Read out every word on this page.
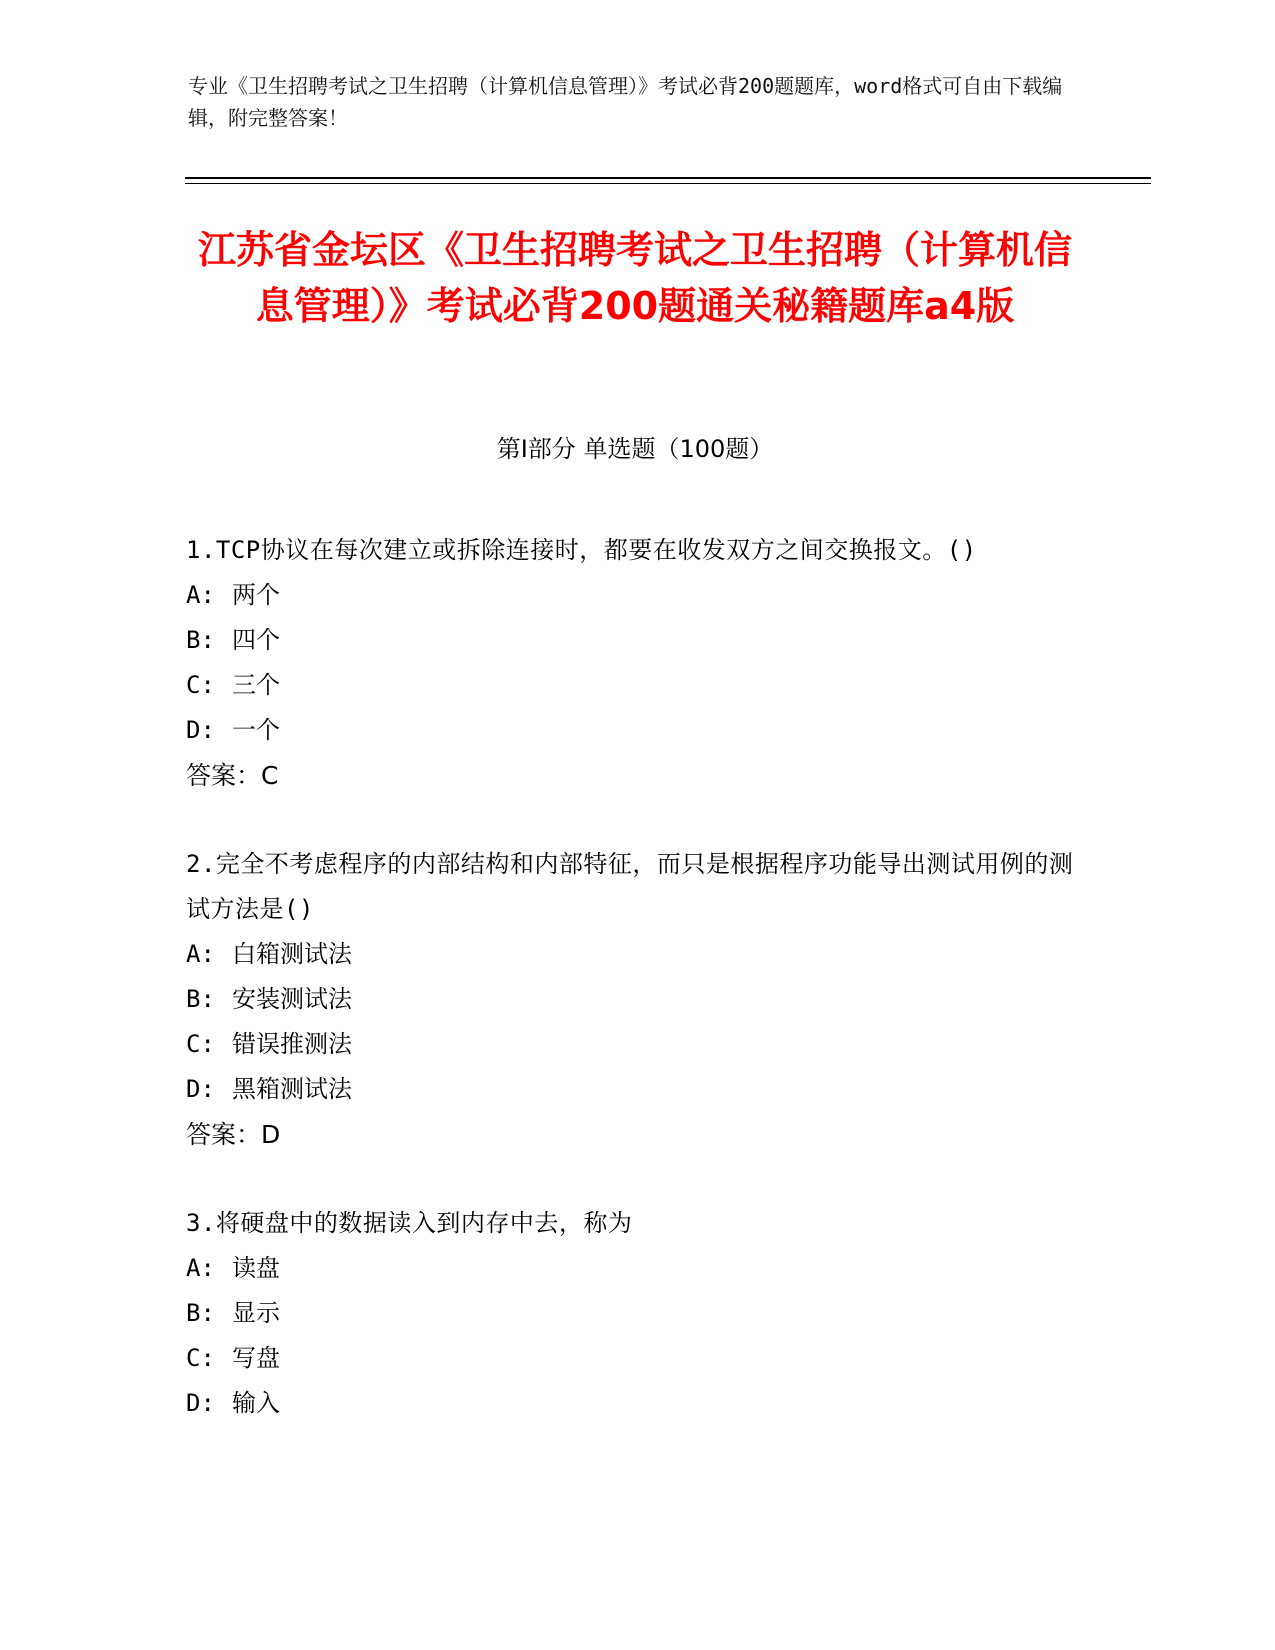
专业《卫生招聘考试之卫生招聘（计算机信息管理）》考试必背200题题库，word格式可自由下载编辑，附完整答案！
江苏省金坛区《卫生招聘考试之卫生招聘（计算机信息管理）》考试必背200题通关秘籍题库a4版
第Ⅰ部分 单选题（100题）
1.TCP协议在每次建立或拆除连接时，都要在收发双方之间交换报文。()
A: 两个
B: 四个
C: 三个
D: 一个
答案：C
2.完全不考虑程序的内部结构和内部特征，而只是根据程序功能导出测试用例的测试方法是()
A: 白箱测试法
B: 安装测试法
C: 错误推测法
D: 黑箱测试法
答案：D
3.将硬盘中的数据读入到内存中去，称为
A: 读盘
B: 显示
C: 写盘
D: 输入
